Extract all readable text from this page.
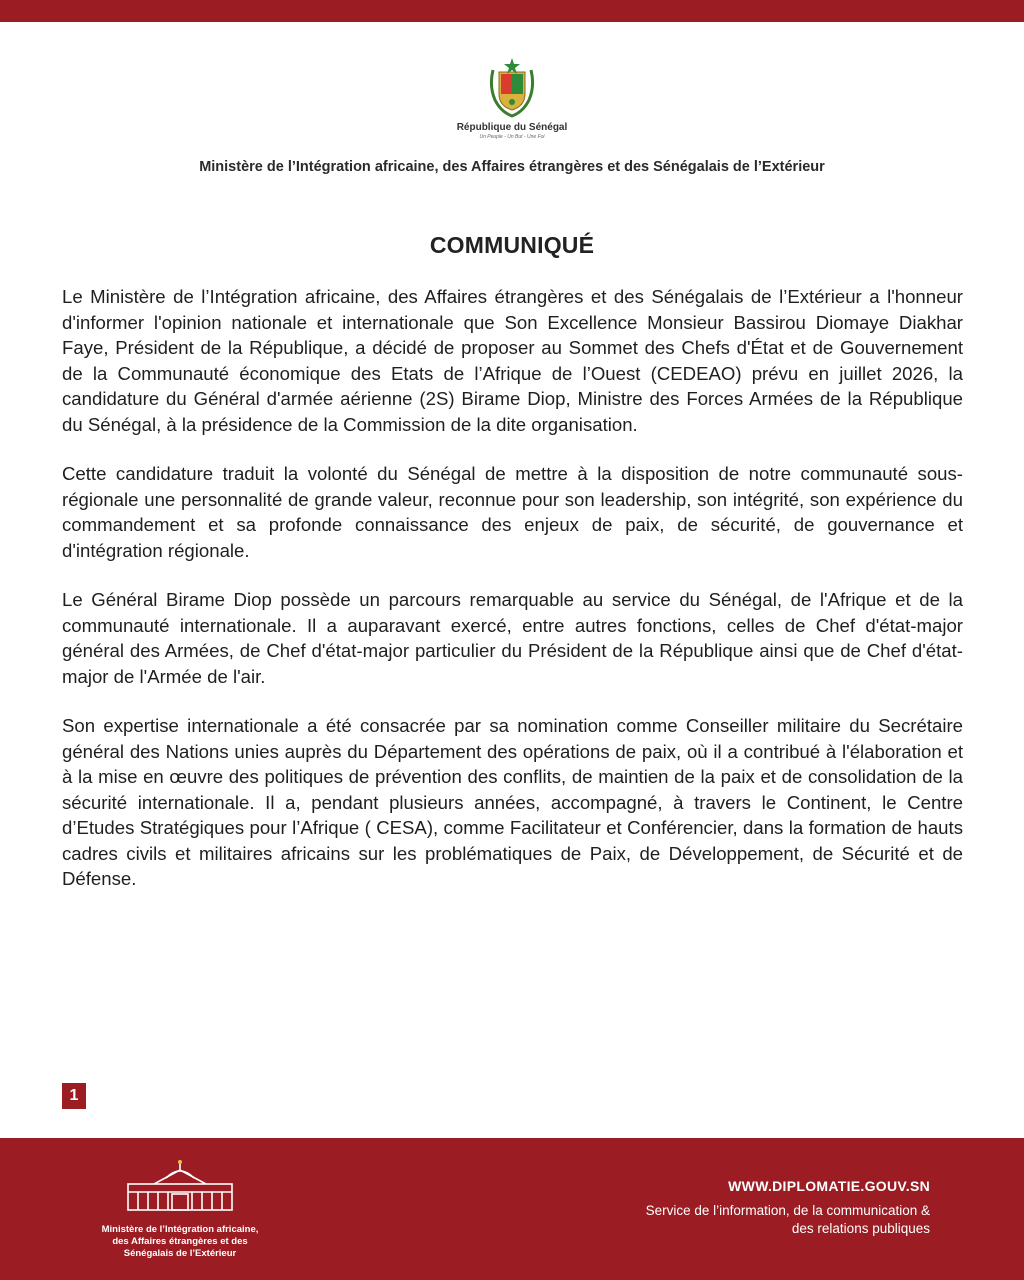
République du Sénégal
Un Peuple - Un But - Une Foi
Ministère de l’Intégration africaine, des Affaires étrangères et des Sénégalais de l’Extérieur
COMMUNIQUÉ

Le Ministère de l’Intégration africaine, des Affaires étrangères et des Sénégalais de l’Extérieur a l'honneur d'informer l'opinion nationale et internationale que Son Excellence Monsieur Bassirou Diomaye Diakhar Faye, Président de la République, a décidé de proposer au Sommet des Chefs d'État et de Gouvernement de la Communauté économique des Etats de l’Afrique de l’Ouest (CEDEAO) prévu en juillet 2026, la candidature du Général d'armée aérienne (2S) Birame Diop, Ministre des Forces Armées de la République du Sénégal, à la présidence de la Commission de la dite organisation.

Cette candidature traduit la volonté du Sénégal de mettre à la disposition de notre communauté sous-régionale une personnalité de grande valeur, reconnue pour son leadership, son intégrité, son expérience du commandement et sa profonde connaissance des enjeux de paix, de sécurité, de gouvernance et d'intégration régionale.

Le Général Birame Diop possède un parcours remarquable au service du Sénégal, de l'Afrique et de la communauté internationale. Il a auparavant exercé, entre autres fonctions, celles de Chef d'état-major général des Armées, de Chef d'état-major particulier du Président de la République ainsi que de Chef d'état-major de l'Armée de l'air.

Son expertise internationale a été consacrée par sa nomination comme Conseiller militaire du Secrétaire général des Nations unies auprès du Département des opérations de paix, où il a contribué à l'élaboration et à la mise en œuvre des politiques de prévention des conflits, de maintien de la paix et de consolidation de la sécurité internationale. Il a, pendant plusieurs années, accompagné, à travers le Continent, le Centre d’Etudes Stratégiques pour l’Afrique ( CESA), comme Facilitateur et Conférencier, dans la formation de hauts cadres civils et militaires africains sur les problématiques de Paix, de Développement, de Sécurité et de Défense.

1
Ministère de l’Intégration africaine,
des Affaires étrangères et des
Sénégalais de l’Extérieur
WWW.DIPLOMATIE.GOUV.SN
Service de l’information, de la communication &
des relations publiques
